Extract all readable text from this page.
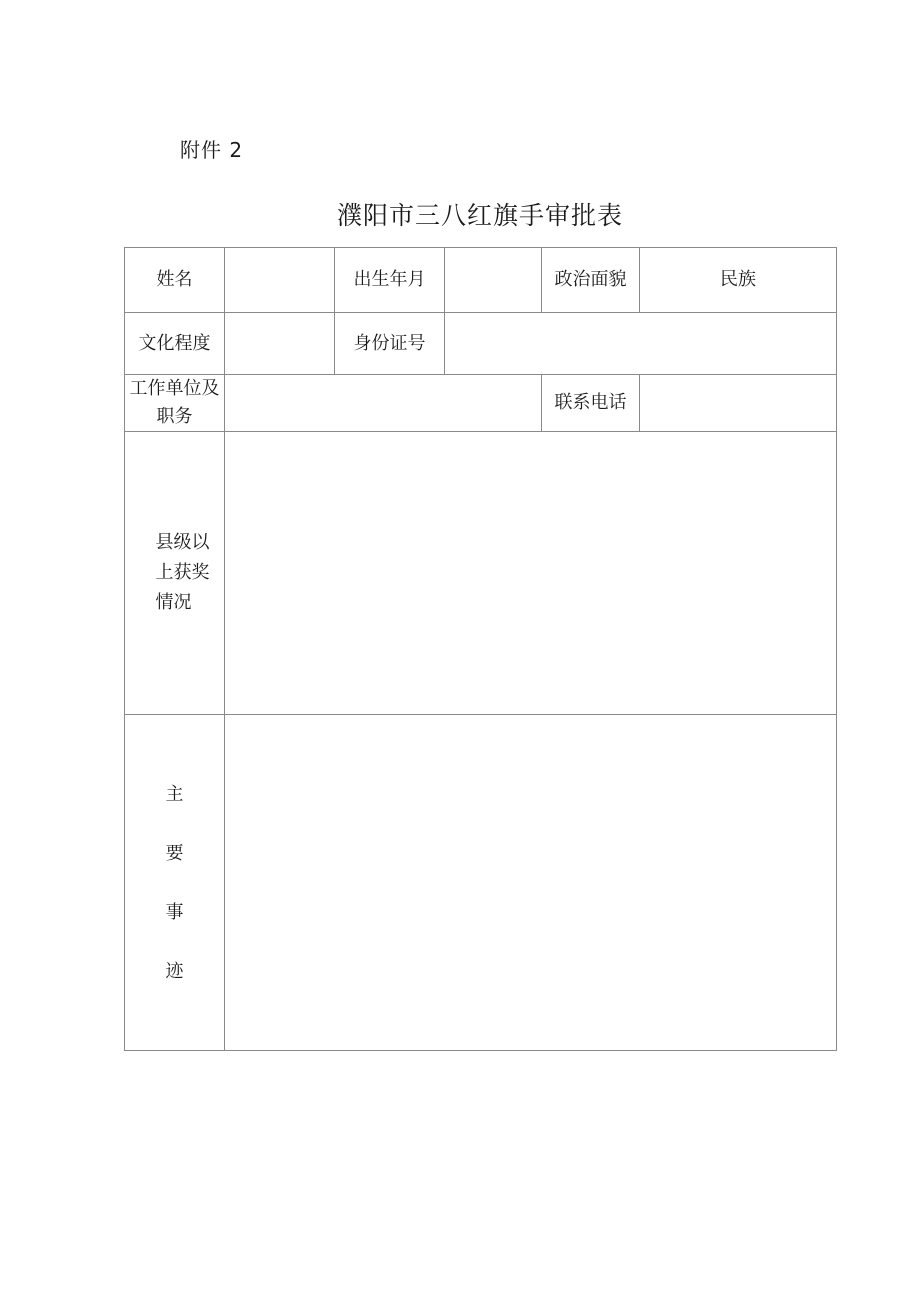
附件 2
濮阳市三八红旗手审批表
姓名		出生年月		政治面貌	民族
文化程度		身份证号			
工作单位及职务				联系电话	
县级以上获奖情况					

主
要
事
迹					
